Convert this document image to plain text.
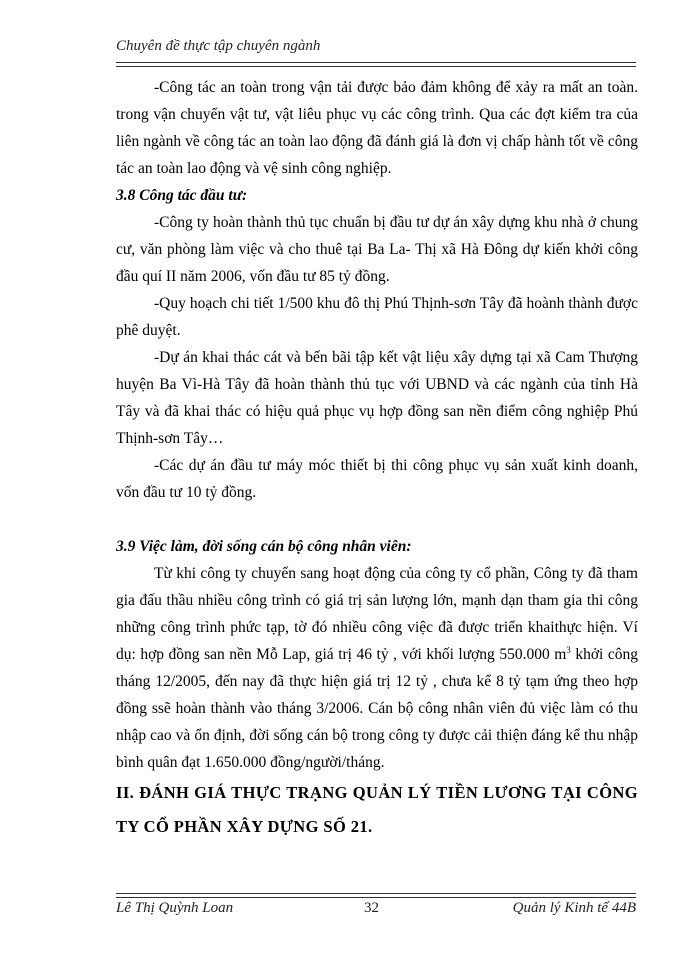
Chuyên đề thực tập chuyên ngành

-Công tác an toàn trong vận tải được bảo đảm không để xảy ra mất an toàn. trong vận chuyển vật tư, vật liêu phục vụ các công trình. Qua các đợt kiểm tra của liên ngành về công tác an toàn lao động đã đánh giá là đơn vị chấp hành tốt về công tác an toàn lao động và vệ sinh công nghiệp.

3.8 Công tác đầu tư:

-Công ty hoàn thành thủ tục chuẩn bị đầu tư dự án xây dựng khu nhà ở chung cư, văn phòng làm việc và cho thuê tại Ba La- Thị xã Hà Đông dự kiến khởi công đầu quí II năm 2006, vốn đầu tư 85 tỷ đồng.

-Quy hoạch chi tiết 1/500 khu đô thị Phú Thịnh-sơn Tây đã hoành thành được phê duyệt.

-Dự án khai thác cát và bến bãi tập kết vật liệu xây dựng tại xã Cam Thượng huyện Ba Vì-Hà Tây đã hoàn thành thủ tục với UBND và các ngành của tỉnh Hà Tây và đã khai thác có hiệu quả phục vụ hợp đồng san nền điểm công nghiệp Phú Thịnh-sơn Tây…

-Các dự án đầu tư máy móc thiết bị thi công phục vụ sản xuất kinh doanh, vốn đầu tư 10 tỷ đồng.

3.9 Việc làm, đời sống cán bộ công nhân viên:

Từ khi công ty chuyển sang hoạt động của công ty cổ phần, Công ty đã tham gia đấu thầu nhiều công trình có giá trị sản lượng lớn, mạnh dạn tham gia thi công những công trình phức tạp, tờ đó nhiều công việc đã được triển khaithực hiện. Ví dụ: hợp đồng san nền Mỗ Lap, giá trị 46 tỷ , với khối lượng 550.000 $m^3$ khởi công tháng 12/2005, đến nay đã thực hiện giá trị 12 tỷ , chưa kể 8 tỷ tạm ứng theo hợp đồng ssẽ hoàn thành vào tháng 3/2006. Cán bộ công nhân viên đủ việc làm có thu nhập cao và ổn định, đời sống cán bộ trong công ty được cải thiện đáng kể thu nhập bình quân đạt 1.650.000 đồng/người/tháng.

II. ĐÁNH GIÁ THỰC TRẠNG QUẢN LÝ TIỀN LƯƠNG TẠI CÔNG TY CỔ PHẦN XÂY DỰNG SỐ 21.

Lê Thị Quỳnh Loan	32	Quản lý Kinh tế 44B
